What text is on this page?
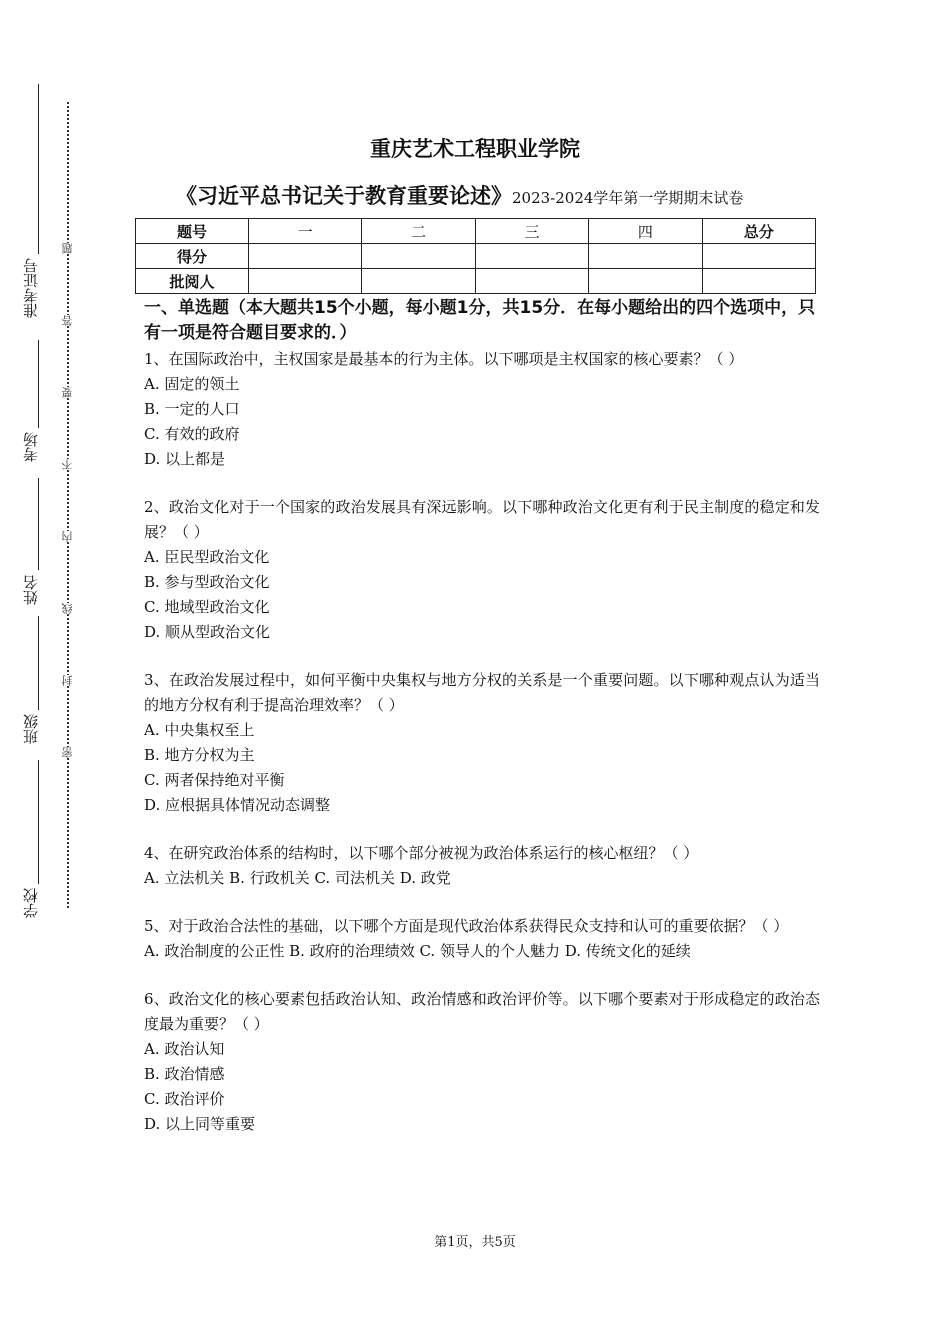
准考证号
考场
姓名
班级
学校
题
答
要
不
内
线
封
密
重庆艺术工程职业学院
《习近平总书记关于教育重要论述》2023-2024学年第一学期期末试卷
题号	一	二	三	四	总分
得分					
批阅人					
一、单选题（本大题共15个小题，每小题1分，共15分．在每小题给出的四个选项中，只有一项是符合题目要求的．）
1、在国际政治中，主权国家是最基本的行为主体。以下哪项是主权国家的核心要素？（ ）
A. 固定的领土
B. 一定的人口
C. 有效的政府
D. 以上都是
2、政治文化对于一个国家的政治发展具有深远影响。以下哪种政治文化更有利于民主制度的稳定和发展？（ ）
A. 臣民型政治文化
B. 参与型政治文化
C. 地域型政治文化
D. 顺从型政治文化
3、在政治发展过程中，如何平衡中央集权与地方分权的关系是一个重要问题。以下哪种观点认为适当的地方分权有利于提高治理效率？（ ）
A. 中央集权至上
B. 地方分权为主
C. 两者保持绝对平衡
D. 应根据具体情况动态调整
4、在研究政治体系的结构时，以下哪个部分被视为政治体系运行的核心枢纽？（ ）
A. 立法机关 B. 行政机关 C. 司法机关 D. 政党
5、对于政治合法性的基础，以下哪个方面是现代政治体系获得民众支持和认可的重要依据？（ ）
A. 政治制度的公正性 B. 政府的治理绩效 C. 领导人的个人魅力 D. 传统文化的延续
6、政治文化的核心要素包括政治认知、政治情感和政治评价等。以下哪个要素对于形成稳定的政治态度最为重要？（ ）
A. 政治认知
B. 政治情感
C. 政治评价
D. 以上同等重要
第1页，共5页
